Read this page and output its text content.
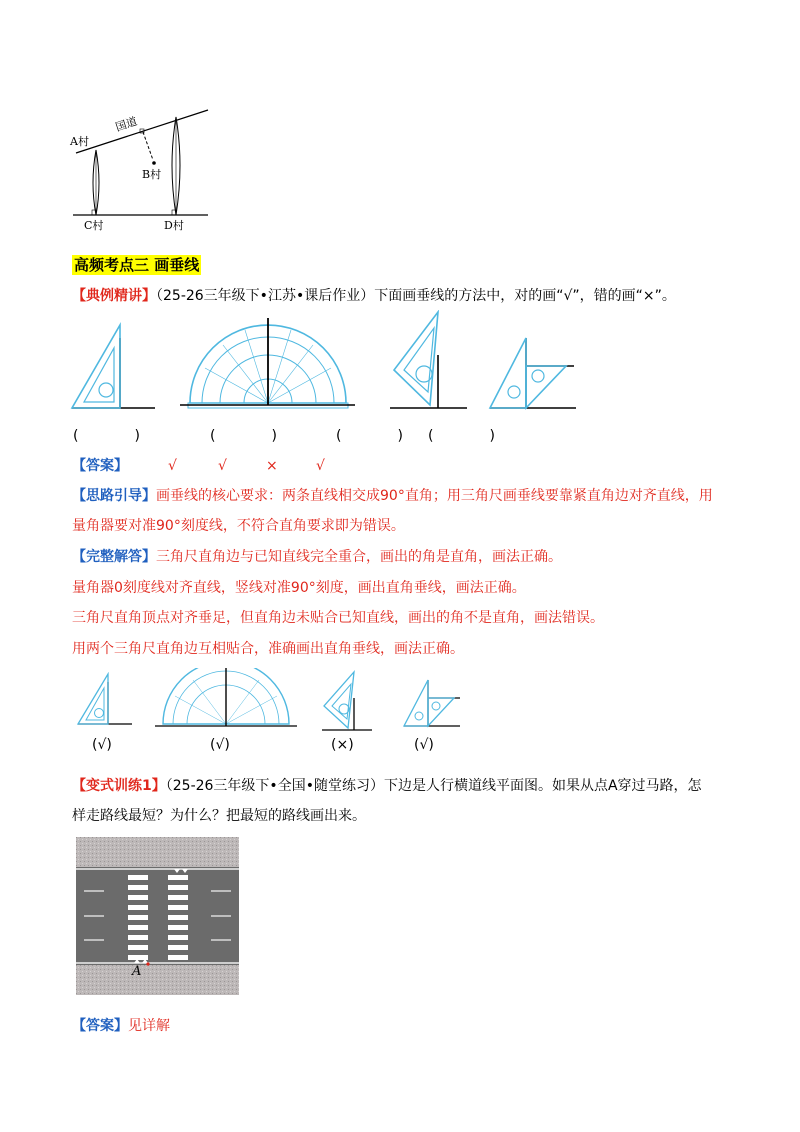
A村
国道
B村
C村	D村
高频考点三 画垂线
【典例精讲】（25-26三年级下•江苏•课后作业）下面画垂线的方法中，对的画“√”，错的画“×”。
(	)	(	)	(	) (	)
【答案】	√	√	×	√
【思路引导】画垂线的核心要求：两条直线相交成90°直角；用三角尺画垂线要靠紧直角边对齐直线，用
量角器要对准90°刻度线，不符合直角要求即为错误。
【完整解答】三角尺直角边与已知直线完全重合，画出的角是直角，画法正确。
量角器0刻度线对齐直线，竖线对准90°刻度，画出直角垂线，画法正确。
三角尺直角顶点对齐垂足，但直角边未贴合已知直线，画出的角不是直角，画法错误。
用两个三角尺直角边互相贴合，准确画出直角垂线，画法正确。
(√)	(√)	(×)	(√)
【变式训练1】（25-26三年级下•全国•随堂练习）下边是人行横道线平面图。如果从点A穿过马路，怎
样走路线最短？为什么？把最短的路线画出来。
A
【答案】见详解
